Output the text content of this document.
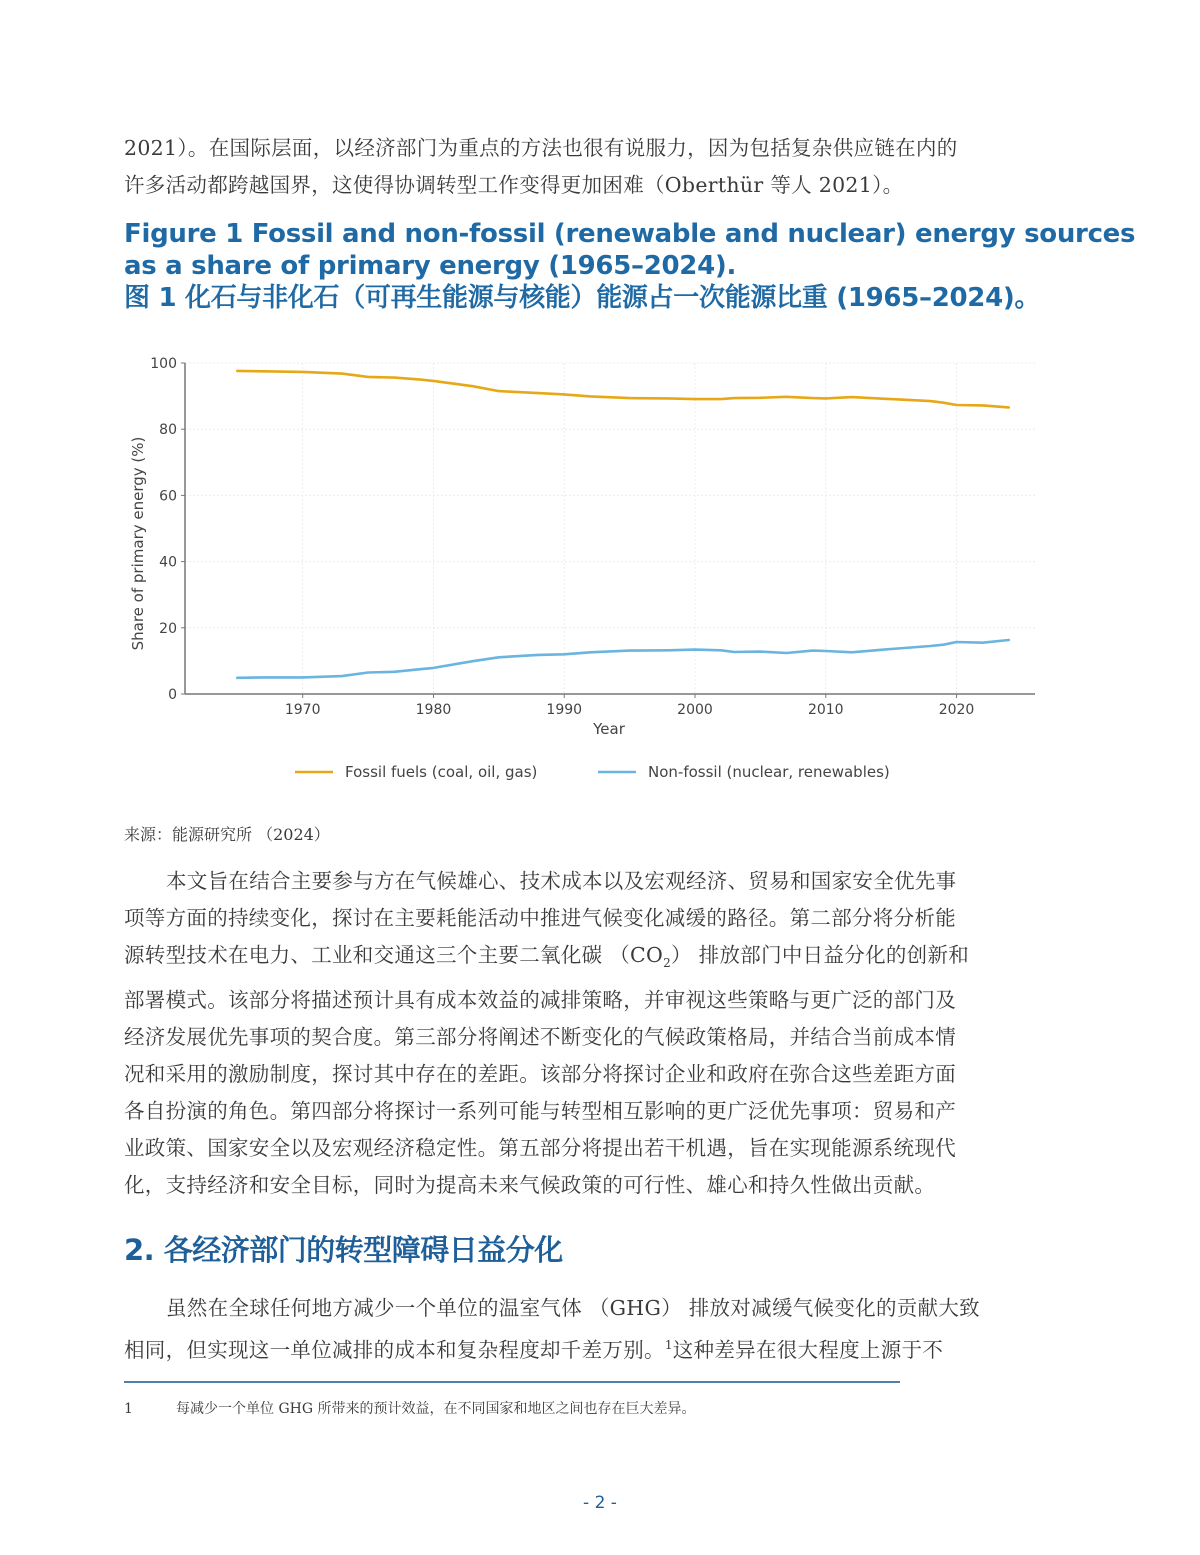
2021）。在国际层面，以经济部门为重点的方法也很有说服力，因为包括复杂供应链在内的
许多活动都跨越国界，这使得协调转型工作变得更加困难（Oberthür 等人 2021）。
Figure 1 Fossil and non-fossil (renewable and nuclear) energy sources
as a share of primary energy (1965–2024).
图 1 化石与非化石（可再生能源与核能）能源占一次能源比重 (1965–2024)。
0
20
40
60
80
100
1970	1980	1990	2000	2010	2020
Year
Share of primary energy (%)
Fossil fuels (coal, oil, gas)	Non-fossil (nuclear, renewables)
来源：能源研究所 （2024）
本文旨在结合主要参与方在气候雄心、技术成本以及宏观经济、贸易和国家安全优先事
项等方面的持续变化，探讨在主要耗能活动中推进气候变化减缓的路径。第二部分将分析能
源转型技术在电力、工业和交通这三个主要二氧化碳 $(CO_2)$ 排放部门中日益分化的创新和
部署模式。该部分将描述预计具有成本效益的减排策略，并审视这些策略与更广泛的部门及
经济发展优先事项的契合度。第三部分将阐述不断变化的气候政策格局，并结合当前成本情
况和采用的激励制度，探讨其中存在的差距。该部分将探讨企业和政府在弥合这些差距方面
各自扮演的角色。第四部分将探讨一系列可能与转型相互影响的更广泛优先事项：贸易和产
业政策、国家安全以及宏观经济稳定性。第五部分将提出若干机遇，旨在实现能源系统现代
化，支持经济和安全目标，同时为提高未来气候政策的可行性、雄心和持久性做出贡献。
2. 各经济部门的转型障碍日益分化
虽然在全球任何地方减少一个单位的温室气体 （GHG） 排放对减缓气候变化的贡献大致
相同，但实现这一单位减排的成本和复杂程度却千差万别。$^1$这种差异在很大程度上源于不
1	每减少一个单位 GHG 所带来的预计效益，在不同国家和地区之间也存在巨大差异。
- 2 -
